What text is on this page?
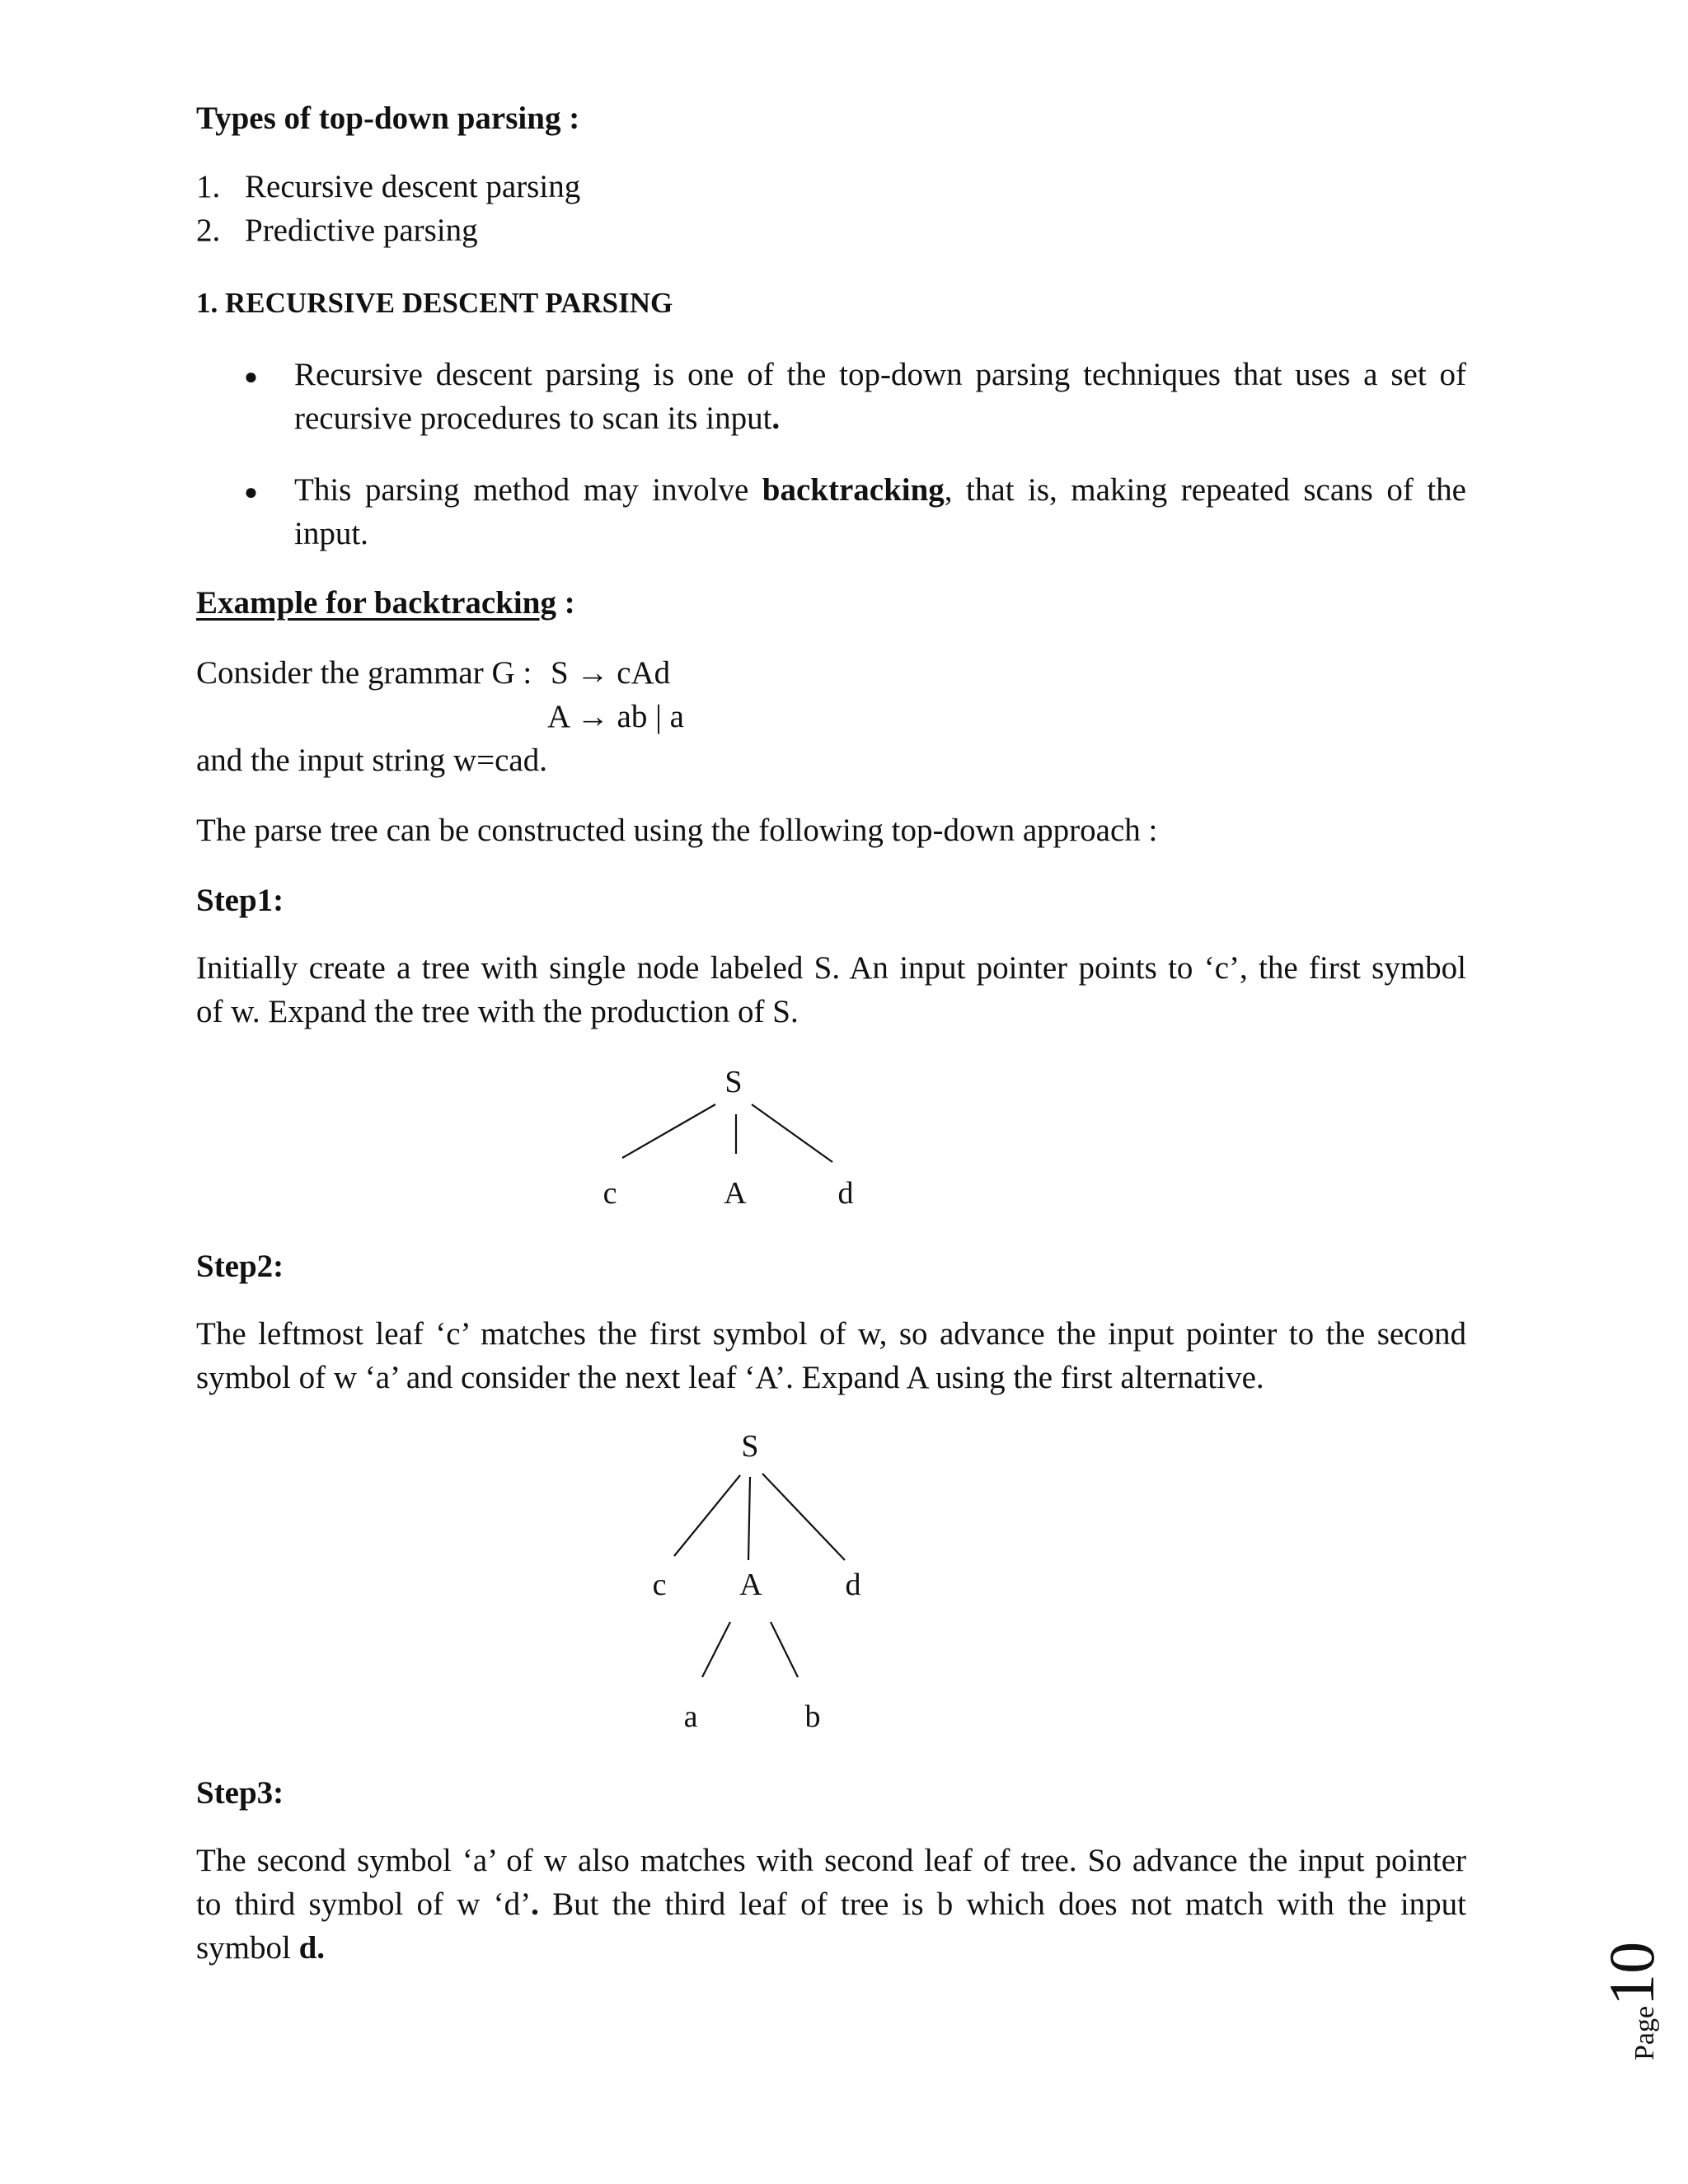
Types of top-down parsing :
1. Recursive descent parsing
2. Predictive parsing
1. RECURSIVE DESCENT PARSING
● Recursive descent parsing is one of the top-down parsing techniques that uses a set of
recursive procedures to scan its input.
● This parsing method may involve backtracking, that is, making repeated scans of the
input.
Example for backtracking :
Consider the grammar G : S → cAd
A → ab | a
and the input string w=cad.
The parse tree can be constructed using the following top-down approach :
Step1:
Initially create a tree with single node labeled S. An input pointer points to ‘c’, the first symbol
of w. Expand the tree with the production of S.
Step2:
The leftmost leaf ‘c’ matches the first symbol of w, so advance the input pointer to the second
symbol of w ‘a’ and consider the next leaf ‘A’. Expand A using the first alternative.
Step3:
The second symbol ‘a’ of w also matches with second leaf of tree. So advance the input pointer
to third symbol of w ‘d’. But the third leaf of tree is b which does not match with the input
symbol d.
S
c	A	d
S
c A	d
a	b
Page10
